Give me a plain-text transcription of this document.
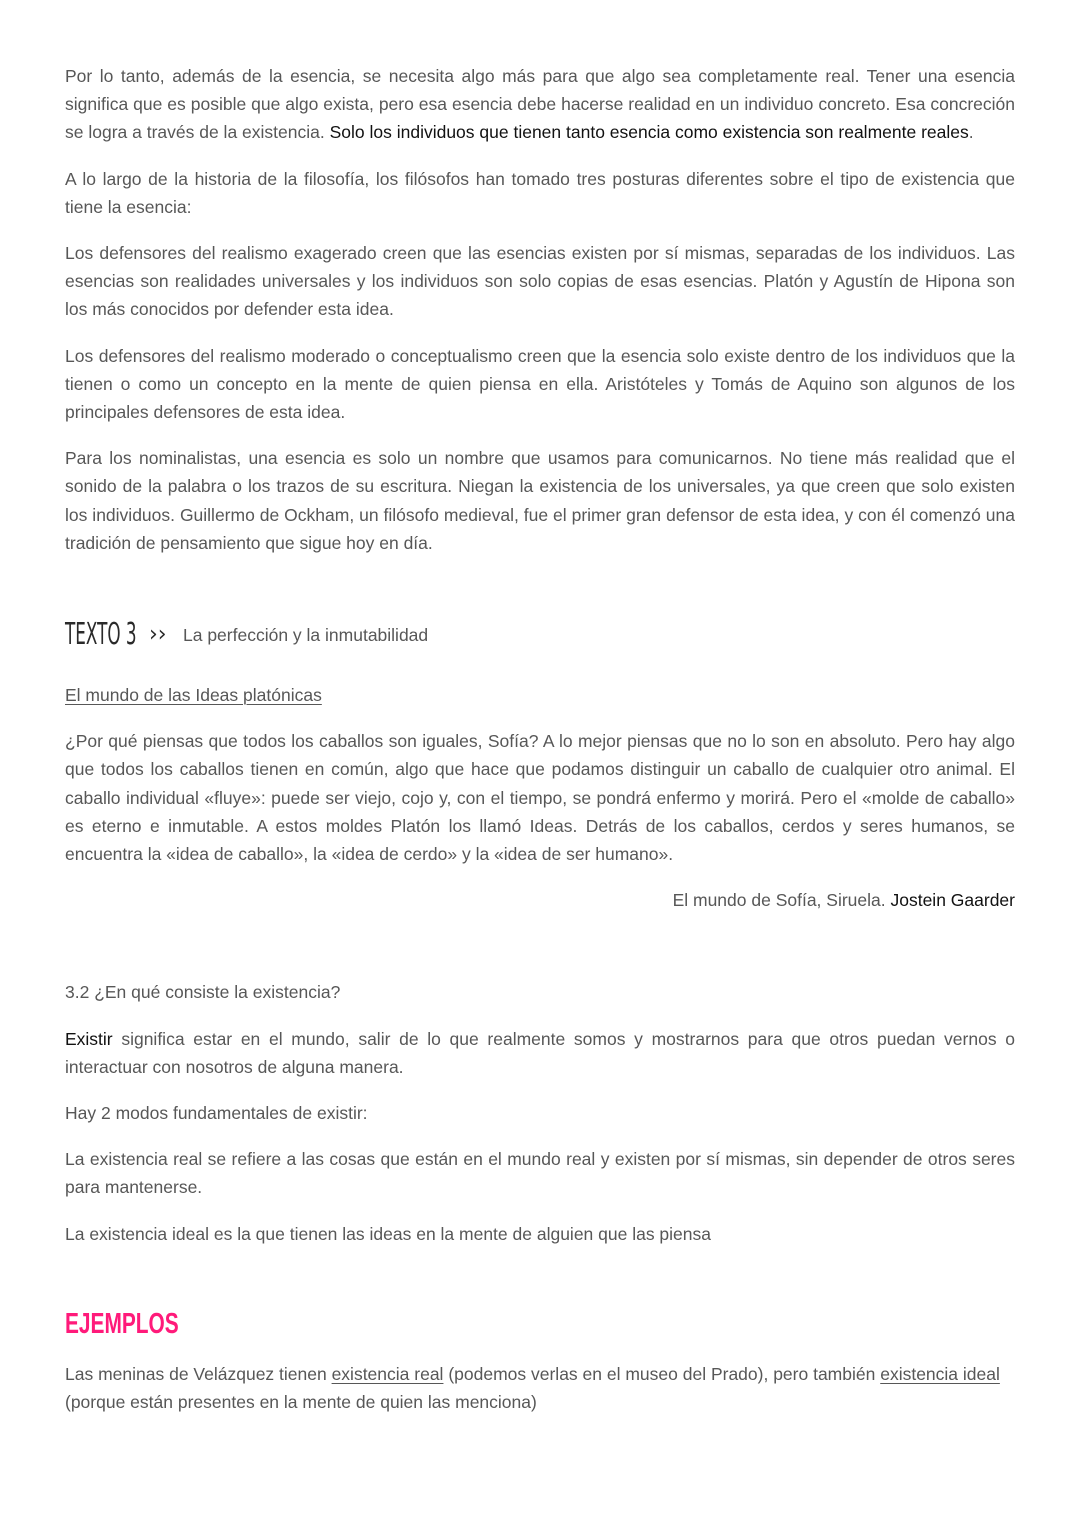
Por lo tanto, además de la esencia, se necesita algo más para que algo sea completamente real. Tener una esencia significa que es posible que algo exista, pero esa esencia debe hacerse realidad en un individuo concreto. Esa concreción se logra a través de la existencia. Solo los individuos que tienen tanto esencia como existencia son realmente reales.

A lo largo de la historia de la filosofía, los filósofos han tomado tres posturas diferentes sobre el tipo de existencia que tiene la esencia:

Los defensores del realismo exagerado creen que las esencias existen por sí mismas, separadas de los individuos. Las esencias son realidades universales y los individuos son solo copias de esas esencias. Platón y Agustín de Hipona son los más conocidos por defender esta idea.

Los defensores del realismo moderado o conceptualismo creen que la esencia solo existe dentro de los individuos que la tienen o como un concepto en la mente de quien piensa en ella. Aristóteles y Tomás de Aquino son algunos de los principales defensores de esta idea.

Para los nominalistas, una esencia es solo un nombre que usamos para comunicarnos. No tiene más realidad que el sonido de la palabra o los trazos de su escritura. Niegan la existencia de los universales, ya que creen que solo existen los individuos. Guillermo de Ockham, un filósofo medieval, fue el primer gran defensor de esta idea, y con él comenzó una tradición de pensamiento que sigue hoy en día.

TEXTO 3 ›› La perfección y la inmutabilidad

El mundo de las Ideas platónicas

¿Por qué piensas que todos los caballos son iguales, Sofía? A lo mejor piensas que no lo son en absoluto. Pero hay algo que todos los caballos tienen en común, algo que hace que podamos distinguir un caballo de cualquier otro animal. El caballo individual «fluye»: puede ser viejo, cojo y, con el tiempo, se pondrá enfermo y morirá. Pero el «molde de caballo» es eterno e inmutable. A estos moldes Platón los llamó Ideas. Detrás de los caballos, cerdos y seres humanos, se encuentra la «idea de caballo», la «idea de cerdo» y la «idea de ser humano».

El mundo de Sofía, Siruela. Jostein Gaarder

3.2 ¿En qué consiste la existencia?

Existir significa estar en el mundo, salir de lo que realmente somos y mostrarnos para que otros puedan vernos o interactuar con nosotros de alguna manera.

Hay 2 modos fundamentales de existir:

La existencia real se refiere a las cosas que están en el mundo real y existen por sí mismas, sin depender de otros seres para mantenerse.

La existencia ideal es la que tienen las ideas en la mente de alguien que las piensa

EJEMPLOS

Las meninas de Velázquez tienen existencia real (podemos verlas en el museo del Prado), pero también existencia ideal (porque están presentes en la mente de quien las menciona)
